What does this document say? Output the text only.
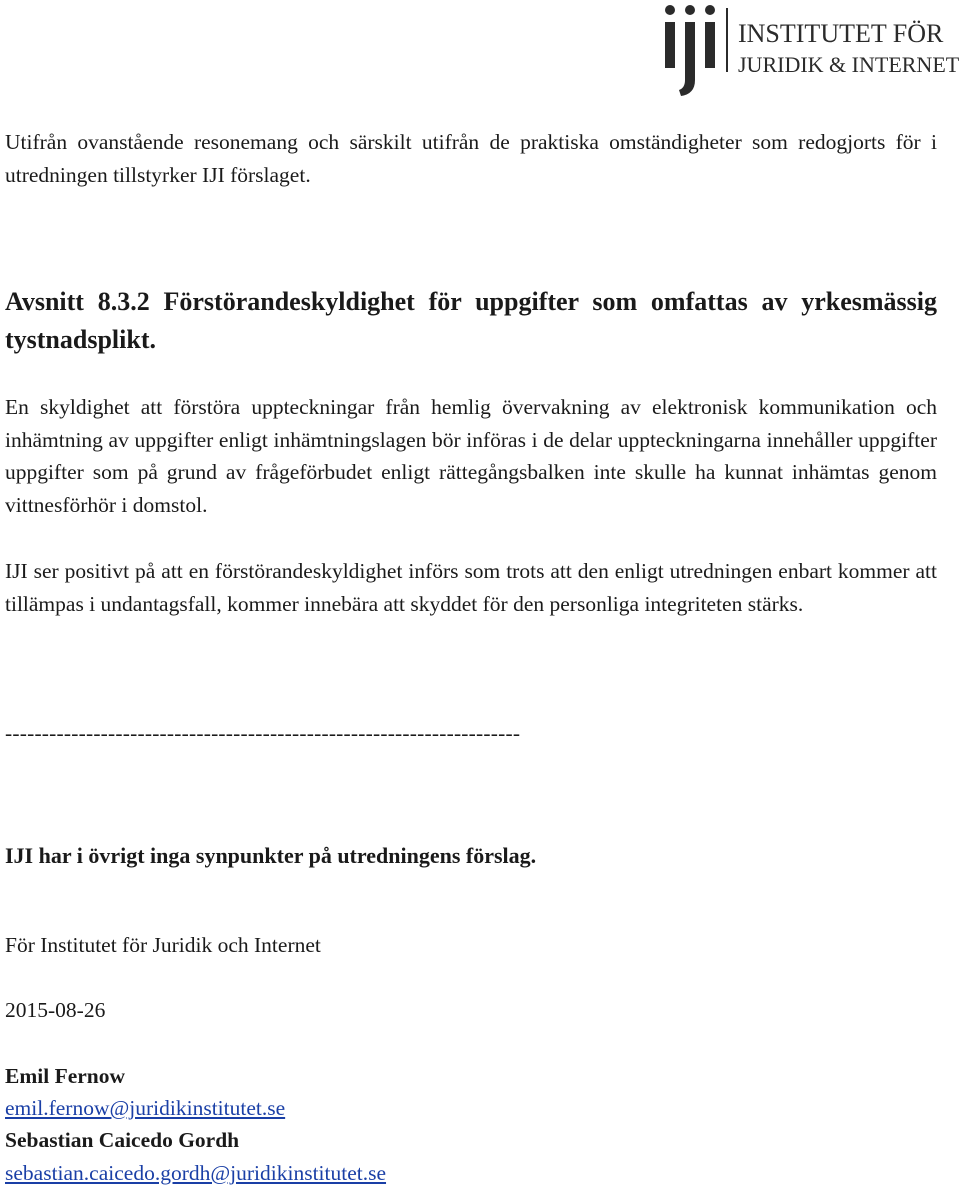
INSTITUTET FÖR
JURIDIK & INTERNET

Utifrån ovanstående resonemang och särskilt utifrån de praktiska omständigheter som redogjorts för i utredningen tillstyrker IJI förslaget.

Avsnitt 8.3.2 Förstörandeskyldighet för uppgifter som omfattas av yrkesmässig tystnadsplikt.

En skyldighet att förstöra uppteckningar från hemlig övervakning av elektronisk kommunikation och inhämtning av uppgifter enligt inhämtningslagen bör införas i de delar uppteckningarna innehåller uppgifter uppgifter som på grund av frågeförbudet enligt rättegångsbalken inte skulle ha kunnat inhämtas genom vittnesförhör i domstol.

IJI ser positivt på att en förstörandeskyldighet införs som trots att den enligt utredningen enbart kommer att tillämpas i undantagsfall, kommer innebära att skyddet för den personliga integriteten stärks.

----------------------------------------------------------------------

IJI har i övrigt inga synpunkter på utredningens förslag.

För Institutet för Juridik och Internet

2015-08-26

Emil Fernow

emil.fernow@juridikinstitutet.se

Sebastian Caicedo Gordh

sebastian.caicedo.gordh@juridikinstitutet.se
